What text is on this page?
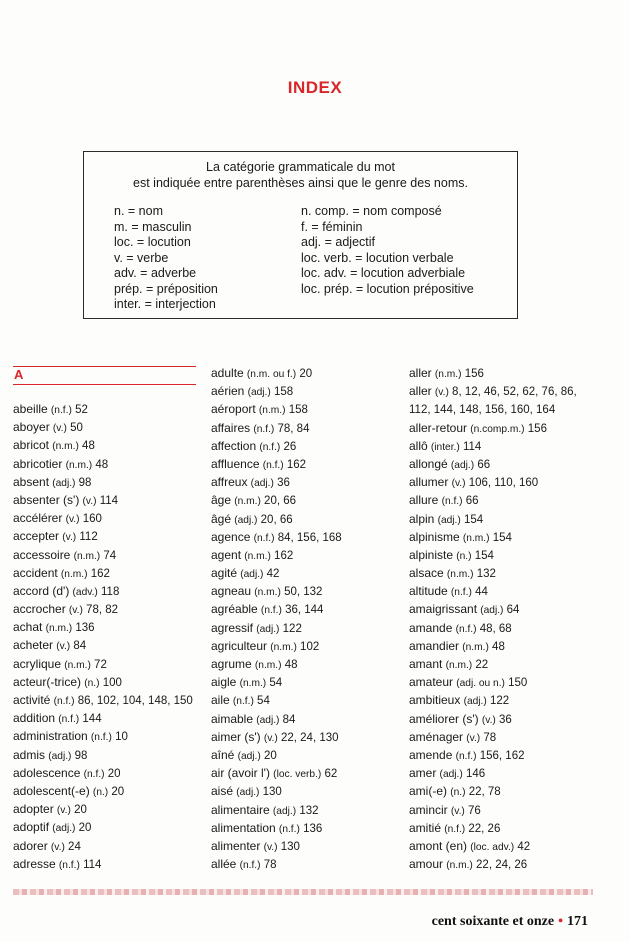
INDEX
La catégorie grammaticale du mot
est indiquée entre parenthèses ainsi que le genre des noms.
n. = nom
m. = masculin
loc. = locution
v. = verbe
adv. = adverbe
prép. = préposition
inter. = interjection
n. comp. = nom composé
f. = féminin
adj. = adjectif
loc. verb. = locution verbale
loc. adv. = locution adverbiale
loc. prép. = locution prépositive
A
abeille (n.f.) 52
aboyer (v.) 50
abricot (n.m.) 48
abricotier (n.m.) 48
absent (adj.) 98
absenter (s') (v.) 114
accélérer (v.) 160
accepter (v.) 112
accessoire (n.m.) 74
accident (n.m.) 162
accord (d') (adv.) 118
accrocher (v.) 78, 82
achat (n.m.) 136
acheter (v.) 84
acrylique (n.m.) 72
acteur(-trice) (n.) 100
activité (n.f.) 86, 102, 104, 148, 150
addition (n.f.) 144
administration (n.f.) 10
admis (adj.) 98
adolescence (n.f.) 20
adolescent(-e) (n.) 20
adopter (v.) 20
adoptif (adj.) 20
adorer (v.) 24
adresse (n.f.) 114
adulte (n.m. ou f.) 20
aérien (adj.) 158
aéroport (n.m.) 158
affaires (n.f.) 78, 84
affection (n.f.) 26
affluence (n.f.) 162
affreux (adj.) 36
âge (n.m.) 20, 66
âgé (adj.) 20, 66
agence (n.f.) 84, 156, 168
agent (n.m.) 162
agité (adj.) 42
agneau (n.m.) 50, 132
agréable (n.f.) 36, 144
agressif (adj.) 122
agriculteur (n.m.) 102
agrume (n.m.) 48
aigle (n.m.) 54
aile (n.f.) 54
aimable (adj.) 84
aimer (s') (v.) 22, 24, 130
aîné (adj.) 20
air (avoir l') (loc. verb.) 62
aisé (adj.) 130
alimentaire (adj.) 132
alimentation (n.f.) 136
alimenter (v.) 130
allée (n.f.) 78
aller (n.m.) 156
aller (v.) 8, 12, 46, 52, 62, 76, 86,
112, 144, 148, 156, 160, 164
aller-retour (n.comp.m.) 156
allô (inter.) 114
allongé (adj.) 66
allumer (v.) 106, 110, 160
allure (n.f.) 66
alpin (adj.) 154
alpinisme (n.m.) 154
alpiniste (n.) 154
alsace (n.m.) 132
altitude (n.f.) 44
amaigrissant (adj.) 64
amande (n.f.) 48, 68
amandier (n.m.) 48
amant (n.m.) 22
amateur (adj. ou n.) 150
ambitieux (adj.) 122
améliorer (s') (v.) 36
aménager (v.) 78
amende (n.f.) 156, 162
amer (adj.) 146
ami(-e) (n.) 22, 78
amincir (v.) 76
amitié (n.f.) 22, 26
amont (en) (loc. adv.) 42
amour (n.m.) 22, 24, 26
cent soixante et onze • 171
